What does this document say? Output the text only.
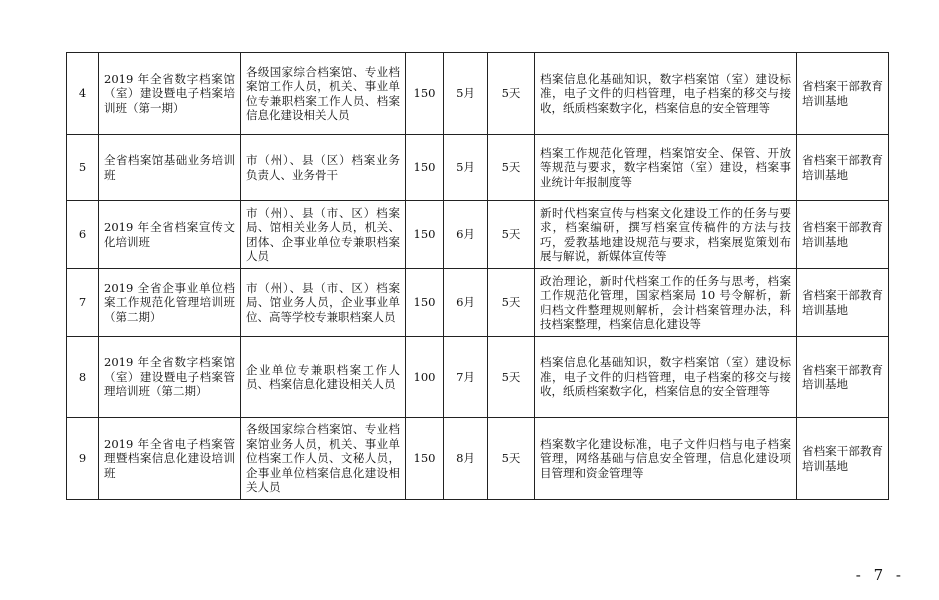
4	2019 年全省数字档案馆（室）建设暨电子档案培训班（第一期）	各级国家综合档案馆、专业档案馆工作人员，机关、事业单位专兼职档案工作人员、档案信息化建设相关人员	150	5月	5天	档案信息化基础知识，数字档案馆（室）建设标准，电子文件的归档管理，电子档案的移交与接收，纸质档案数字化，档案信息的安全管理等	省档案干部教育培训基地
5	全省档案馆基础业务培训班	市（州）、县（区）档案业务负责人、业务骨干	150	5月	5天	档案工作规范化管理，档案馆安全、保管、开放等规范与要求，数字档案馆（室）建设，档案事业统计年报制度等	省档案干部教育培训基地
6	2019 年全省档案宣传文化培训班	市（州）、县（市、区）档案局、馆相关业务人员，机关、团体、企事业单位专兼职档案人员	150	6月	5天	新时代档案宣传与档案文化建设工作的任务与要求，档案编研，撰写档案宣传稿件的方法与技巧，爱教基地建设规范与要求，档案展览策划布展与解说，新媒体宣传等	省档案干部教育培训基地
7	2019 全省企事业单位档案工作规范化管理培训班（第二期）	市（州）、县（市、区）档案局、馆业务人员，企业事业单位、高等学校专兼职档案人员	150	6月	5天	政治理论，新时代档案工作的任务与思考，档案工作规范化管理，国家档案局 10 号令解析，新归档文件整理规则解析，会计档案管理办法，科技档案整理，档案信息化建设等	省档案干部教育培训基地
8	2019 年全省数字档案馆（室）建设暨电子档案管理培训班（第二期）	企业单位专兼职档案工作人员、档案信息化建设相关人员	100	7月	5天	档案信息化基础知识，数字档案馆（室）建设标准，电子文件的归档管理，电子档案的移交与接收，纸质档案数字化，档案信息的安全管理等	省档案干部教育培训基地
9	2019 年全省电子档案管理暨档案信息化建设培训班	各级国家综合档案馆、专业档案馆业务人员，机关、事业单位档案工作人员、文秘人员，企事业单位档案信息化建设相关人员	150	8月	5天	档案数字化建设标准，电子文件归档与电子档案管理，网络基础与信息安全管理，信息化建设项目管理和资金管理等	省档案干部教育培训基地
- 7 -
